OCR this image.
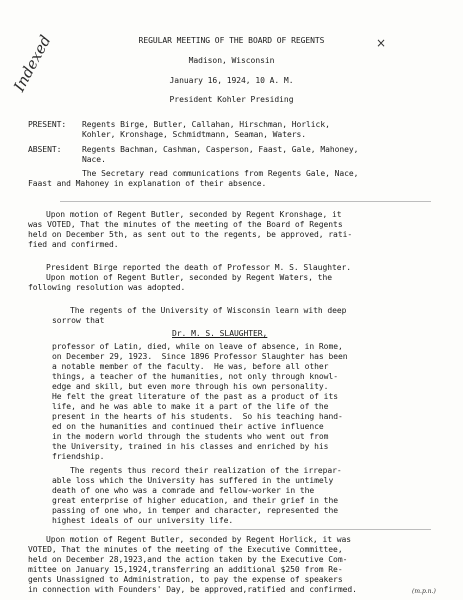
Indexed	×
REGULAR MEETING OF THE BOARD OF REGENTS
Madison, Wisconsin
January 16, 1924, 10 A. M.
President Kohler Presiding
PRESENT: Regents Birge, Butler, Callahan, Hirschman, Horlick,
Kohler, Kronshage, Schmidtmann, Seaman, Waters.
ABSENT:	Regents Bachman, Cashman, Casperson, Faast, Gale, Mahoney,
Nace.
The Secretary read communications from Regents Gale, Nace,
Faast and Mahoney in explanation of their absence.
Upon motion of Regent Butler, seconded by Regent Kronshage, it
was VOTED, That the minutes of the meeting of the Board of Regents
held on December 5th, as sent out to the regents, be approved, rati-
fied and confirmed.
President Birge reported the death of Professor M. S. Slaughter.
Upon motion of Regent Butler, seconded by Regent Waters, the
following resolution was adopted.
The regents of the University of Wisconsin learn with deep
sorrow that
Dr. M. S. SLAUGHTER,
professor of Latin, died, while on leave of absence, in Rome,
on December 29, 1923.  Since 1896 Professor Slaughter has been
a notable member of the faculty.  He was, before all other
things, a teacher of the humanities, not only through knowl-
edge and skill, but even more through his own personality.
He felt the great literature of the past as a product of its
life, and he was able to make it a part of the life of the
present in the hearts of his students.  So his teaching hand-
ed on the humanities and continued their active influence
in the modern world through the students who went out from
the University, trained in his classes and enriched by his
friendship.
The regents thus record their realization of the irrepar-
able loss which the University has suffered in the untimely
death of one who was a comrade and fellow-worker in the
great enterprise of higher education, and their grief in the
passing of one who, in temper and character, represented the
highest ideals of our university life.
Upon motion of Regent Butler, seconded by Regent Horlick, it was
VOTED, That the minutes of the meeting of the Executive Committee,
held on December 28,1923,and the action taken by the Executive Com-
mittee on January 15,1924,transferring an additional $250 from Re-
gents Unassigned to Administration, to pay the expense of speakers
in connection with Founders' Day, be approved,ratified and confirmed.	(m.p.n.)
